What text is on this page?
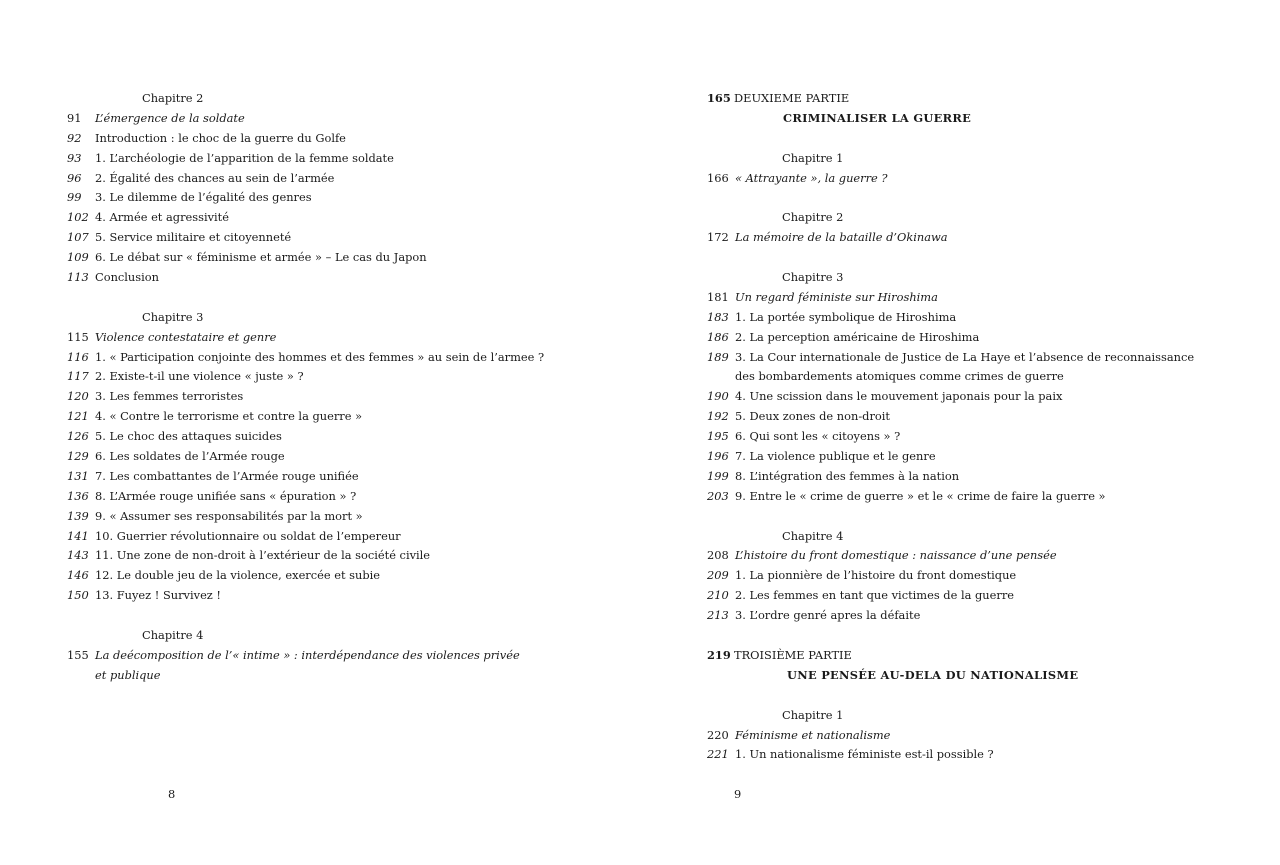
Chapitre 2
91 L’émergence de la soldate
92 Introduction : le choc de la guerre du Golfe
93 1. L’archéologie de l’apparition de la femme soldate
96 2. Égalité des chances au sein de l’armée
99 3. Le dilemme de l’égalité des genres
102 4. Armée et agressivité
107 5. Service militaire et citoyenneté
109 6. Le débat sur « féminisme et armée » – Le cas du Japon
113 Conclusion
Chapitre 3
115 Violence contestataire et genre
116 1. « Participation conjointe des hommes et des femmes » au sein de l’armee ?
117 2. Existe-t-il une violence « juste » ?
120 3. Les femmes terroristes
121 4. « Contre le terrorisme et contre la guerre »
126 5. Le choc des attaques suicides
129 6. Les soldates de l’Armée rouge
131 7. Les combattantes de l’Armée rouge unifiée
136 8. L’Armée rouge unifiée sans « épuration » ?
139 9. « Assumer ses responsabilités par la mort »
141 10. Guerrier révolutionnaire ou soldat de l’empereur
143 11. Une zone de non-droit à l’extérieur de la société civile
146 12. Le double jeu de la violence, exercée et subie
150 13. Fuyez ! Survivez !
Chapitre 4
155 La deécomposition de l’« intime » : interdépendance des violences privée
et publique
165 DEUXIEME PARTIE
CRIMINALISER LA GUERRE
Chapitre 1
166 « Attrayante », la guerre ?
Chapitre 2
172 La mémoire de la bataille d’Okinawa
Chapitre 3
181 Un regard féministe sur Hiroshima
183 1. La portée symbolique de Hiroshima
186 2. La perception américaine de Hiroshima
189 3. La Cour internationale de Justice de La Haye et l’absence de reconnaissance
des bombardements atomiques comme crimes de guerre
190 4. Une scission dans le mouvement japonais pour la paix
192 5. Deux zones de non-droit
195 6. Qui sont les « citoyens » ?
196 7. La violence publique et le genre
199 8. L’intégration des femmes à la nation
203 9. Entre le « crime de guerre » et le « crime de faire la guerre »
Chapitre 4
208 L’histoire du front domestique : naissance d’une pensée
209 1. La pionnière de l’histoire du front domestique
210 2. Les femmes en tant que victimes de la guerre
213 3. L’ordre genré apres la défaite
219 TROISIÈME PARTIE
UNE PENSÉE AU-DELA DU NATIONALISME
Chapitre 1
220 Féminisme et nationalisme
221 1. Un nationalisme féministe est-il possible ?
8	9
